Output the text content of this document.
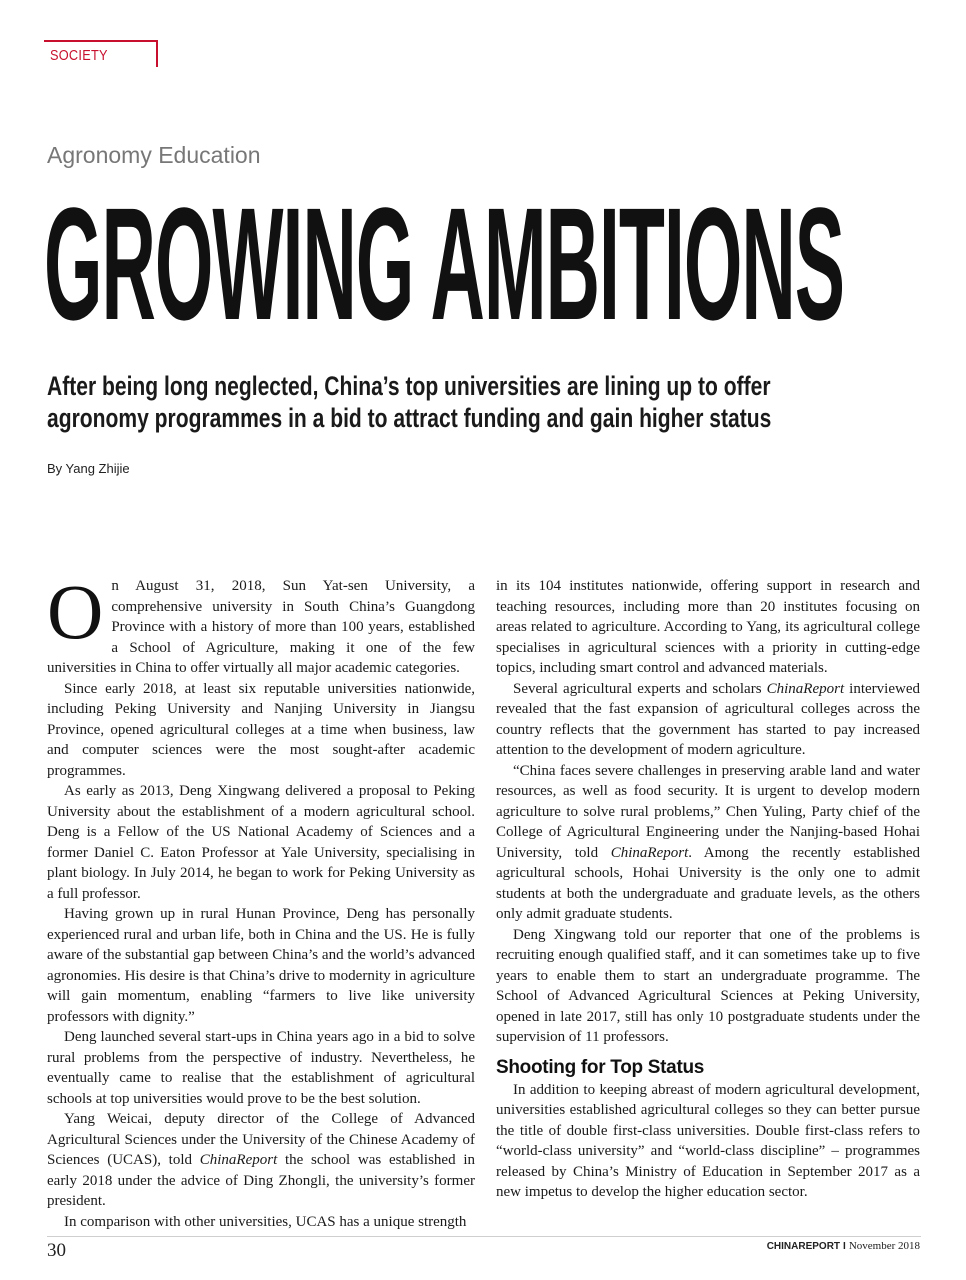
SOCIETY
Agronomy Education
GROWING AMBITIONS
After being long neglected, China’s top universities are lining up to offer
agronomy programmes in a bid to attract funding and gain higher status
By Yang Zhijie

On August 31, 2018, Sun Yat-sen University, a comprehensive university in South China’s Guangdong Province with a history of more than 100 years, established a School of Agriculture, making it one of the few universities in China to offer virtually all major academic categories.

Since early 2018, at least six reputable universities nationwide, including Peking University and Nanjing University in Jiangsu Province, opened agricultural colleges at a time when business, law and computer sciences were the most sought-after academic programmes.

As early as 2013, Deng Xingwang delivered a proposal to Peking University about the establishment of a modern agricultural school. Deng is a Fellow of the US National Academy of Sciences and a former Daniel C. Eaton Professor at Yale University, specialising in plant biology. In July 2014, he began to work for Peking University as a full professor.

Having grown up in rural Hunan Province, Deng has personally experienced rural and urban life, both in China and the US. He is fully aware of the substantial gap between China’s and the world’s advanced agronomies. His desire is that China’s drive to modernity in agriculture will gain momentum, enabling “farmers to live like university professors with dignity.”

Deng launched several start-ups in China years ago in a bid to solve rural problems from the perspective of industry. Nevertheless, he eventually came to realise that the establishment of agricultural schools at top universities would prove to be the best solution.

Yang Weicai, deputy director of the College of Advanced Agricultural Sciences under the University of the Chinese Academy of Sciences (UCAS), told ChinaReport the school was established in early 2018 under the advice of Ding Zhongli, the university’s former president.

In comparison with other universities, UCAS has a unique strength

in its 104 institutes nationwide, offering support in research and teaching resources, including more than 20 institutes focusing on areas related to agriculture. According to Yang, its agricultural college specialises in agricultural sciences with a priority in cutting-edge topics, including smart control and advanced materials.

Several agricultural experts and scholars ChinaReport interviewed revealed that the fast expansion of agricultural colleges across the country reflects that the government has started to pay increased attention to the development of modern agriculture.

“China faces severe challenges in preserving arable land and water resources, as well as food security. It is urgent to develop modern agriculture to solve rural problems,” Chen Yuling, Party chief of the College of Agricultural Engineering under the Nanjing-based Hohai University, told ChinaReport. Among the recently established agricultural schools, Hohai University is the only one to admit students at both the undergraduate and graduate levels, as the others only admit graduate students.

Deng Xingwang told our reporter that one of the problems is recruiting enough qualified staff, and it can sometimes take up to five years to enable them to start an undergraduate programme. The School of Advanced Agricultural Sciences at Peking University, opened in late 2017, still has only 10 postgraduate students under the supervision of 11 professors.

Shooting for Top Status

In addition to keeping abreast of modern agricultural development, universities established agricultural colleges so they can better pursue the title of double first-class universities. Double first-class refers to “world-class university” and “world-class discipline” – programmes released by China’s Ministry of Education in September 2017 as a new impetus to develop the higher education sector.

30	CHINAREPORT I November 2018
